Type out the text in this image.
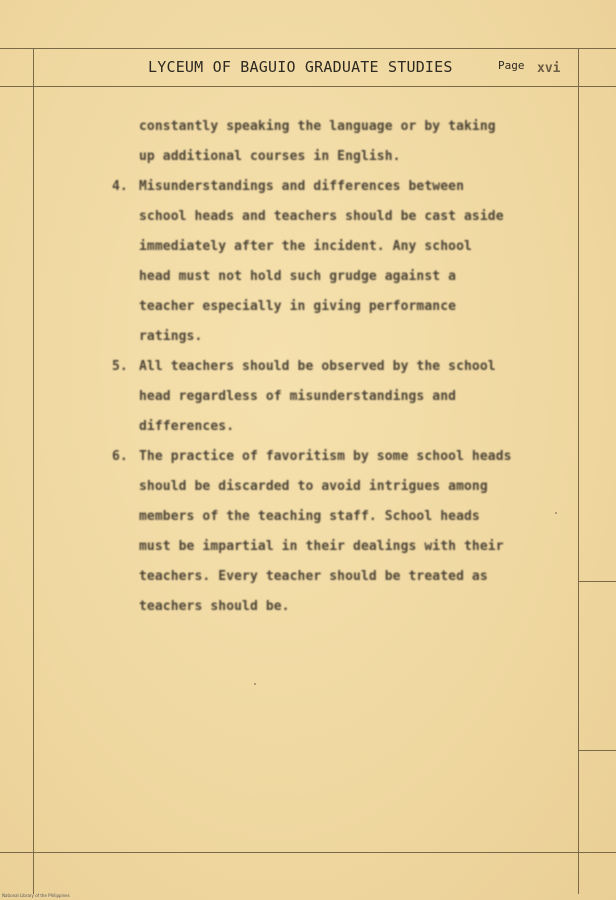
LYCEUM OF BAGUIO GRADUATE STUDIES	Page xvi
constantly speaking the language or by taking
up additional courses in English.
4. Misunderstandings and differences between
school heads and teachers should be cast aside
immediately after the incident. Any school
head must not hold such grudge against a
teacher especially in giving performance
ratings.
5. All teachers should be observed by the school
head regardless of misunderstandings and
differences.
6. The practice of favoritism by some school heads
should be discarded to avoid intrigues among
members of the teaching staff. School heads
must be impartial in their dealings with their
teachers. Every teacher should be treated as
teachers should be.
National Library of the Philippines
